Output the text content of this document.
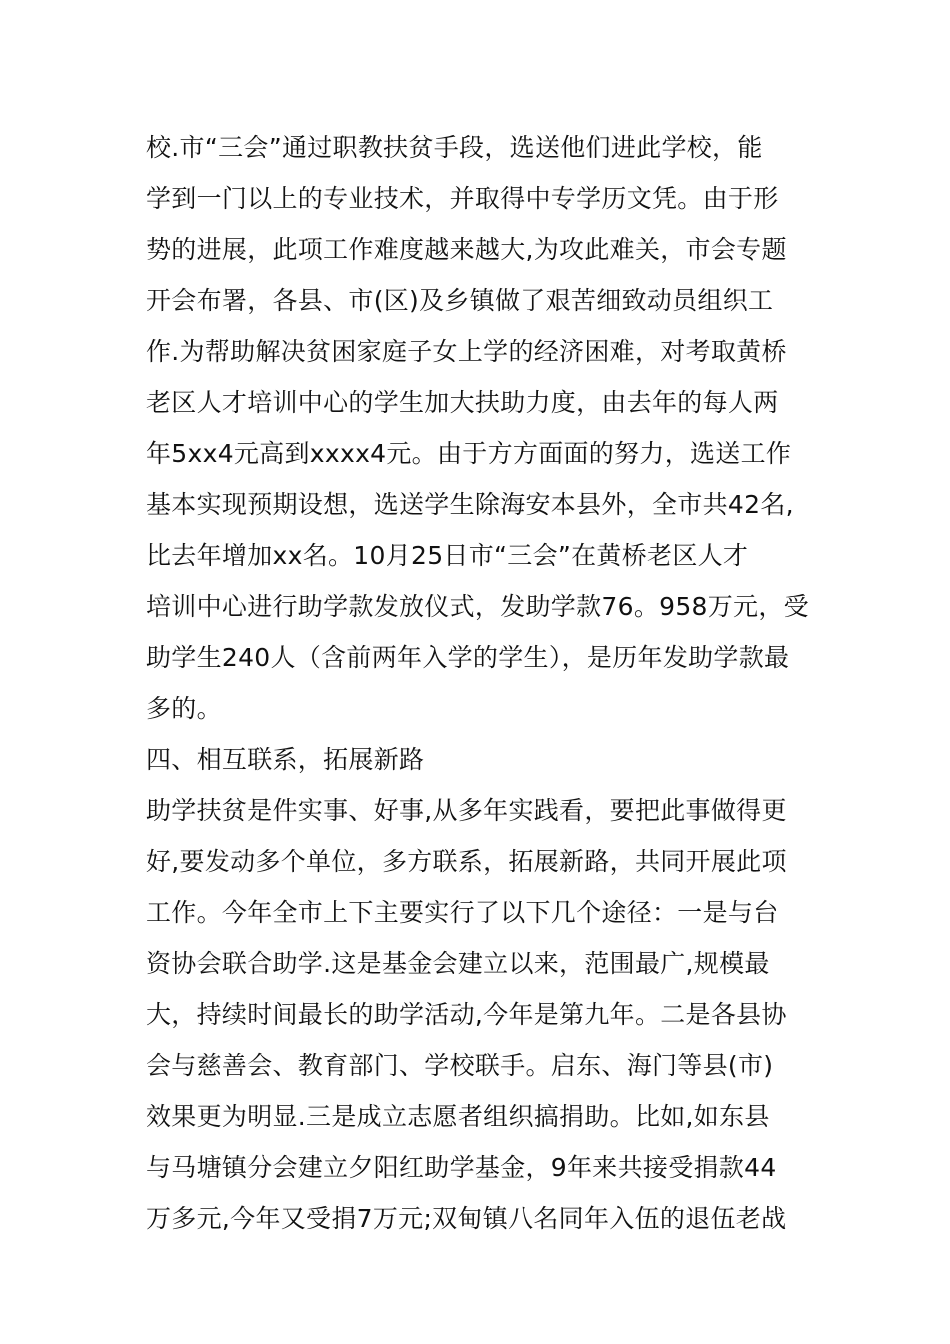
校.市“三会”通过职教扶贫手段，选送他们进此学校，能
学到一门以上的专业技术，并取得中专学历文凭。由于形
势的进展，此项工作难度越来越大,为攻此难关，市会专题
开会布署，各县、市(区)及乡镇做了艰苦细致动员组织工
作.为帮助解决贫困家庭子女上学的经济困难，对考取黄桥
老区人才培训中心的学生加大扶助力度，由去年的每人两
年5xx4元高到xxxx4元。由于方方面面的努力，选送工作
基本实现预期设想，选送学生除海安本县外，全市共42名,
比去年增加xx名。10月25日市“三会”在黄桥老区人才
培训中心进行助学款发放仪式，发助学款76。958万元，受
助学生240人（含前两年入学的学生），是历年发助学款最
多的。
四、相互联系，拓展新路
助学扶贫是件实事、好事,从多年实践看，要把此事做得更
好,要发动多个单位，多方联系，拓展新路，共同开展此项
工作。今年全市上下主要实行了以下几个途径：一是与台
资协会联合助学.这是基金会建立以来，范围最广,规模最
大，持续时间最长的助学活动,今年是第九年。二是各县协
会与慈善会、教育部门、学校联手。启东、海门等县(市)
效果更为明显.三是成立志愿者组织搞捐助。比如,如东县
与马塘镇分会建立夕阳红助学基金，9年来共接受捐款44
万多元,今年又受捐7万元;双甸镇八名同年入伍的退伍老战
